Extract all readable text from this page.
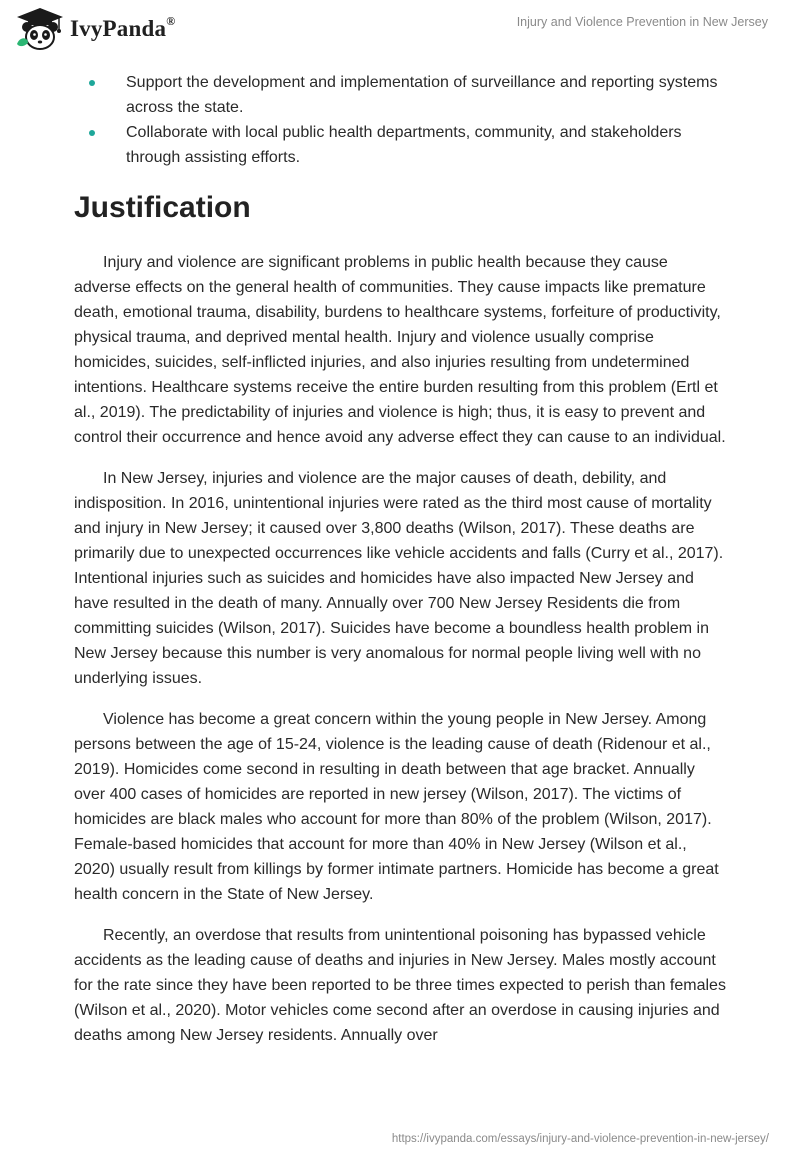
IvyPanda®	Injury and Violence Prevention in New Jersey
Support the development and implementation of surveillance and reporting systems across the state.
Collaborate with local public health departments, community, and stakeholders through assisting efforts.
Justification

Injury and violence are significant problems in public health because they cause adverse effects on the general health of communities. They cause impacts like premature death, emotional trauma, disability, burdens to healthcare systems, forfeiture of productivity, physical trauma, and deprived mental health. Injury and violence usually comprise homicides, suicides, self-inflicted injuries, and also injuries resulting from undetermined intentions. Healthcare systems receive the entire burden resulting from this problem (Ertl et al., 2019). The predictability of injuries and violence is high; thus, it is easy to prevent and control their occurrence and hence avoid any adverse effect they can cause to an individual.

In New Jersey, injuries and violence are the major causes of death, debility, and indisposition. In 2016, unintentional injuries were rated as the third most cause of mortality and injury in New Jersey; it caused over 3,800 deaths (Wilson, 2017). These deaths are primarily due to unexpected occurrences like vehicle accidents and falls (Curry et al., 2017). Intentional injuries such as suicides and homicides have also impacted New Jersey and have resulted in the death of many. Annually over 700 New Jersey Residents die from committing suicides (Wilson, 2017). Suicides have become a boundless health problem in New Jersey because this number is very anomalous for normal people living well with no underlying issues.

Violence has become a great concern within the young people in New Jersey. Among persons between the age of 15-24, violence is the leading cause of death (Ridenour et al., 2019). Homicides come second in resulting in death between that age bracket. Annually over 400 cases of homicides are reported in new jersey (Wilson, 2017). The victims of homicides are black males who account for more than 80% of the problem (Wilson, 2017). Female-based homicides that account for more than 40% in New Jersey (Wilson et al., 2020) usually result from killings by former intimate partners. Homicide has become a great health concern in the State of New Jersey.

Recently, an overdose that results from unintentional poisoning has bypassed vehicle accidents as the leading cause of deaths and injuries in New Jersey. Males mostly account for the rate since they have been reported to be three times expected to perish than females (Wilson et al., 2020). Motor vehicles come second after an overdose in causing injuries and deaths among New Jersey residents. Annually over

https://ivypanda.com/essays/injury-and-violence-prevention-in-new-jersey/
